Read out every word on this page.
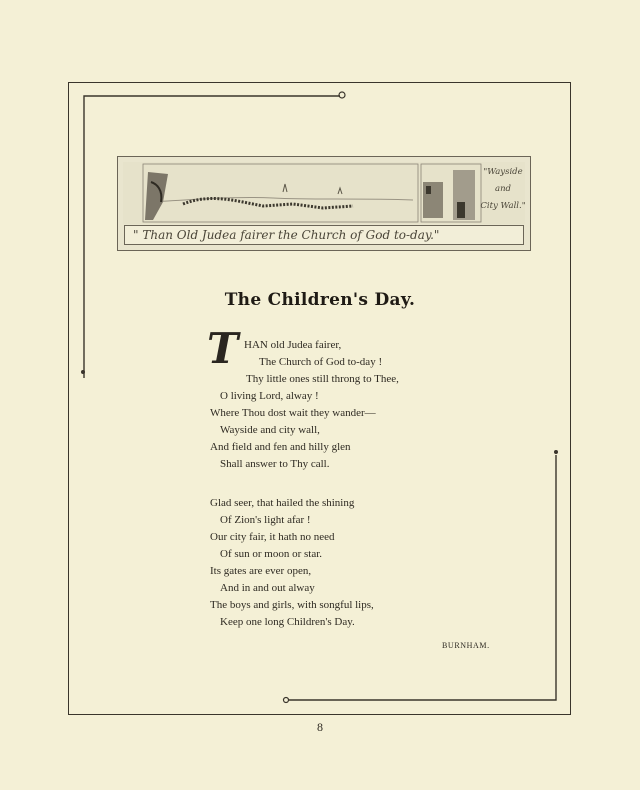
" Than Old Judea fairer the Church of God to-day."
"Wayside
and
City Wall."
The Children's Day.
T HAN old Judea fairer,
The Church of God to-day !
Thy little ones still throng to Thee,
O living Lord, alway !
Where Thou dost wait they wander—
Wayside and city wall,
And field and fen and hilly glen
Shall answer to Thy call.
Glad seer, that hailed the shining
Of Zion's light afar !
Our city fair, it hath no need
Of sun or moon or star.
Its gates are ever open,
And in and out alway
The boys and girls, with songful lips,
Keep one long Children's Day.
BURNHAM.
8
